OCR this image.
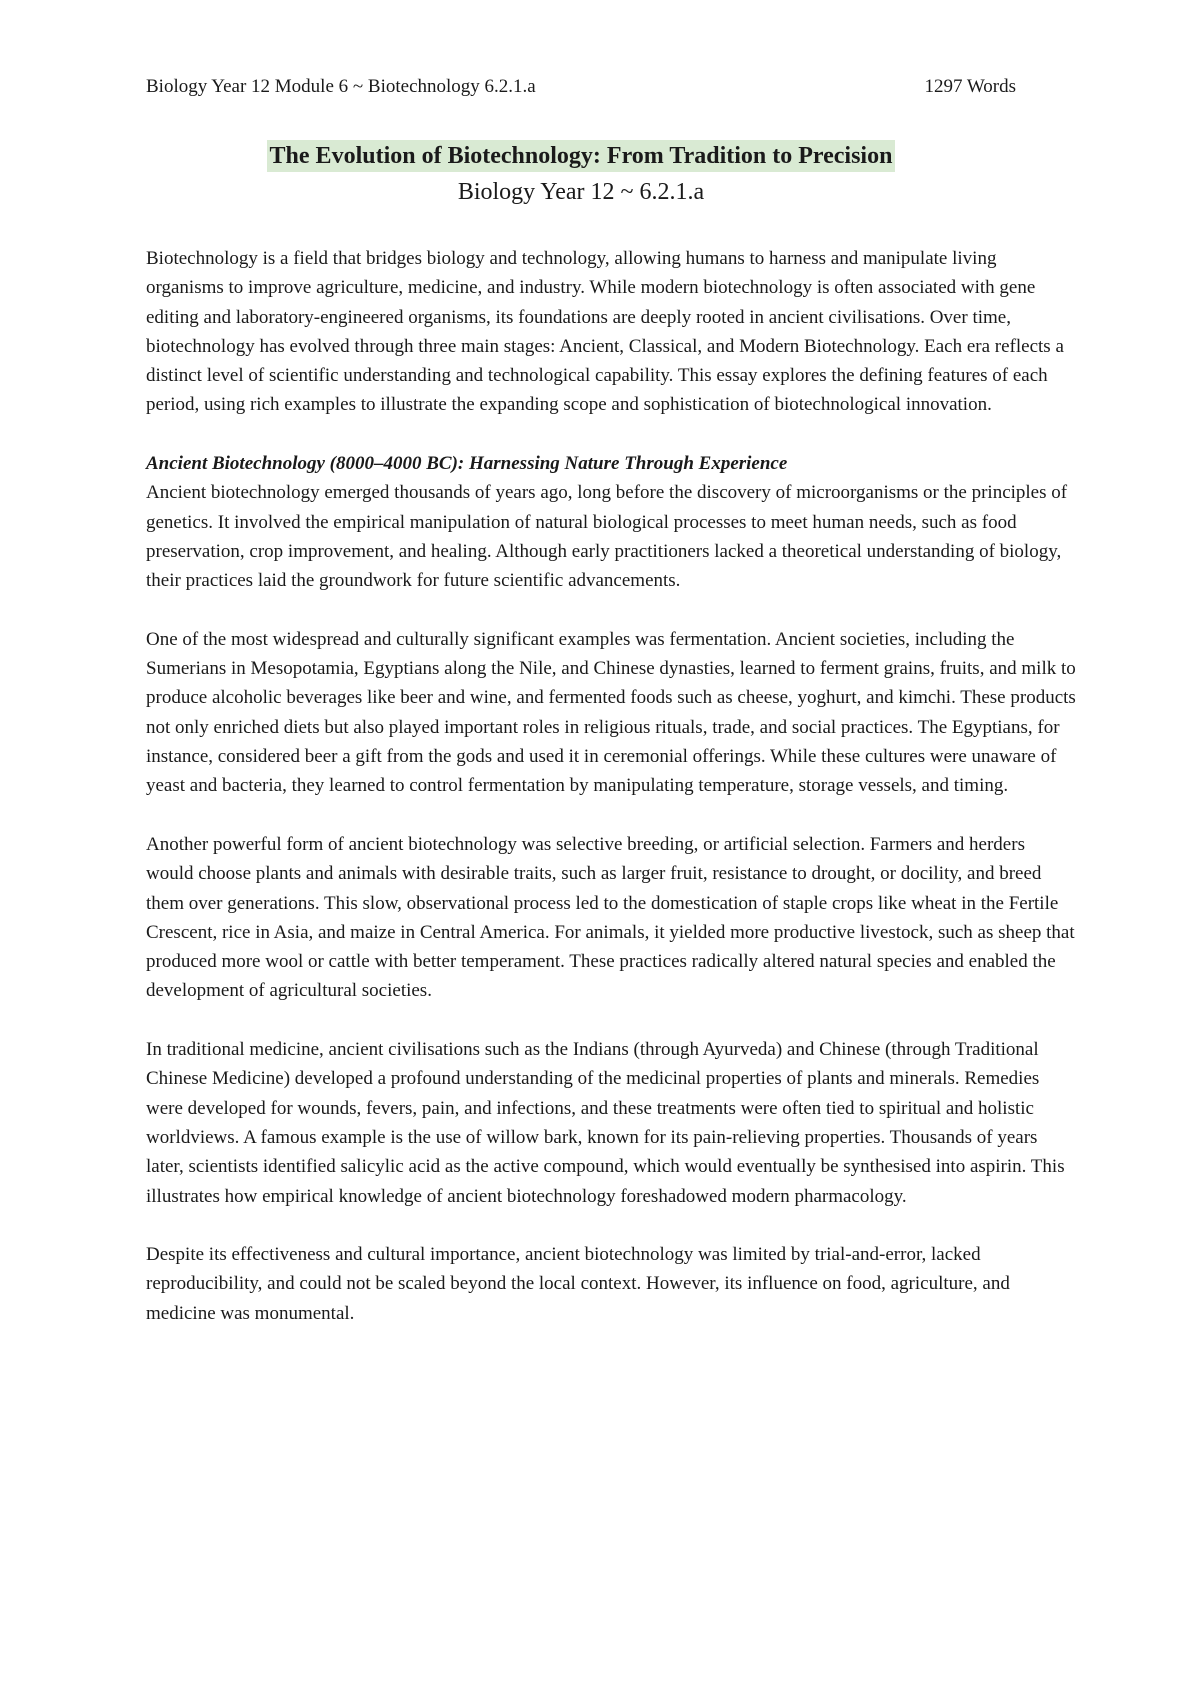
Biology Year 12 Module 6 ~ Biotechnology 6.2.1.a	1297 Words
The Evolution of Biotechnology: From Tradition to Precision
Biology Year 12 ~ 6.2.1.a

Biotechnology is a field that bridges biology and technology, allowing humans to harness and manipulate living organisms to improve agriculture, medicine, and industry. While modern biotechnology is often associated with gene editing and laboratory-engineered organisms, its foundations are deeply rooted in ancient civilisations. Over time, biotechnology has evolved through three main stages: Ancient, Classical, and Modern Biotechnology. Each era reflects a distinct level of scientific understanding and technological capability. This essay explores the defining features of each period, using rich examples to illustrate the expanding scope and sophistication of biotechnological innovation.

Ancient Biotechnology (8000–4000 BC): Harnessing Nature Through Experience
Ancient biotechnology emerged thousands of years ago, long before the discovery of microorganisms or the principles of genetics. It involved the empirical manipulation of natural biological processes to meet human needs, such as food preservation, crop improvement, and healing. Although early practitioners lacked a theoretical understanding of biology, their practices laid the groundwork for future scientific advancements.

One of the most widespread and culturally significant examples was fermentation. Ancient societies, including the Sumerians in Mesopotamia, Egyptians along the Nile, and Chinese dynasties, learned to ferment grains, fruits, and milk to produce alcoholic beverages like beer and wine, and fermented foods such as cheese, yoghurt, and kimchi. These products not only enriched diets but also played important roles in religious rituals, trade, and social practices. The Egyptians, for instance, considered beer a gift from the gods and used it in ceremonial offerings. While these cultures were unaware of yeast and bacteria, they learned to control fermentation by manipulating temperature, storage vessels, and timing.

Another powerful form of ancient biotechnology was selective breeding, or artificial selection. Farmers and herders would choose plants and animals with desirable traits, such as larger fruit, resistance to drought, or docility, and breed them over generations. This slow, observational process led to the domestication of staple crops like wheat in the Fertile Crescent, rice in Asia, and maize in Central America. For animals, it yielded more productive livestock, such as sheep that produced more wool or cattle with better temperament. These practices radically altered natural species and enabled the development of agricultural societies.

In traditional medicine, ancient civilisations such as the Indians (through Ayurveda) and Chinese (through Traditional Chinese Medicine) developed a profound understanding of the medicinal properties of plants and minerals. Remedies were developed for wounds, fevers, pain, and infections, and these treatments were often tied to spiritual and holistic worldviews. A famous example is the use of willow bark, known for its pain-relieving properties. Thousands of years later, scientists identified salicylic acid as the active compound, which would eventually be synthesised into aspirin. This illustrates how empirical knowledge of ancient biotechnology foreshadowed modern pharmacology.

Despite its effectiveness and cultural importance, ancient biotechnology was limited by trial-and-error, lacked reproducibility, and could not be scaled beyond the local context. However, its influence on food, agriculture, and medicine was monumental.
